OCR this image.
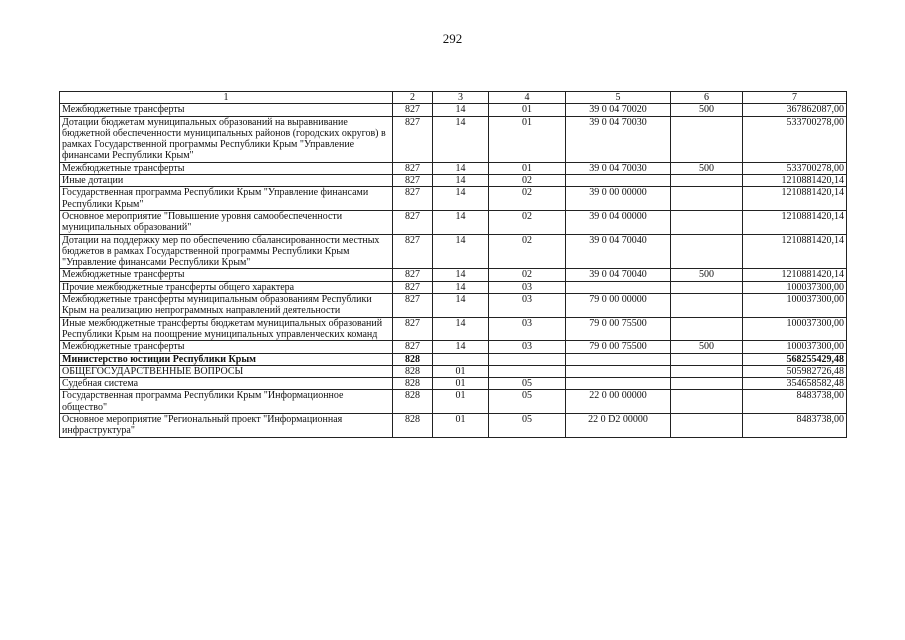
292
1	2	3	4	5	6	7
Межбюджетные трансферты	827	14	01	39 0 04 70020	500	367862087,00
Дотации бюджетам муниципальных образований на выравнивание бюджетной обеспеченности муниципальных районов (городских округов) в рамках Государственной программы Республики Крым "Управление финансами Республики Крым"	827	14	01	39 0 04 70030		533700278,00
Межбюджетные трансферты	827	14	01	39 0 04 70030	500	533700278,00
Иные дотации	827	14	02			1210881420,14
Государственная программа Республики Крым "Управление финансами Республики Крым"	827	14	02	39 0 00 00000		1210881420,14
Основное мероприятие "Повышение уровня самообеспеченности муниципальных образований"	827	14	02	39 0 04 00000		1210881420,14
Дотации на поддержку мер по обеспечению сбалансированности местных бюджетов в рамках Государственной программы Республики Крым "Управление финансами Республики Крым"	827	14	02	39 0 04 70040		1210881420,14
Межбюджетные трансферты	827	14	02	39 0 04 70040	500	1210881420,14
Прочие межбюджетные трансферты общего характера	827	14	03			100037300,00
Межбюджетные трансферты муниципальным образованиям Республики Крым на реализацию непрограммных направлений деятельности	827	14	03	79 0 00 00000		100037300,00
Иные межбюджетные трансферты бюджетам муниципальных образований Республики Крым на поощрение муниципальных управленческих команд	827	14	03	79 0 00 75500		100037300,00
Межбюджетные трансферты	827	14	03	79 0 00 75500	500	100037300,00
Министерство юстиции Республики Крым	828					568255429,48
ОБЩЕГОСУДАРСТВЕННЫЕ ВОПРОСЫ	828	01				505982726,48
Судебная система	828	01	05			354658582,48
Государственная программа Республики Крым "Информационное общество"	828	01	05	22 0 00 00000		8483738,00
Основное мероприятие "Региональный проект "Информационная инфраструктура"	828	01	05	22 0 D2 00000		8483738,00
